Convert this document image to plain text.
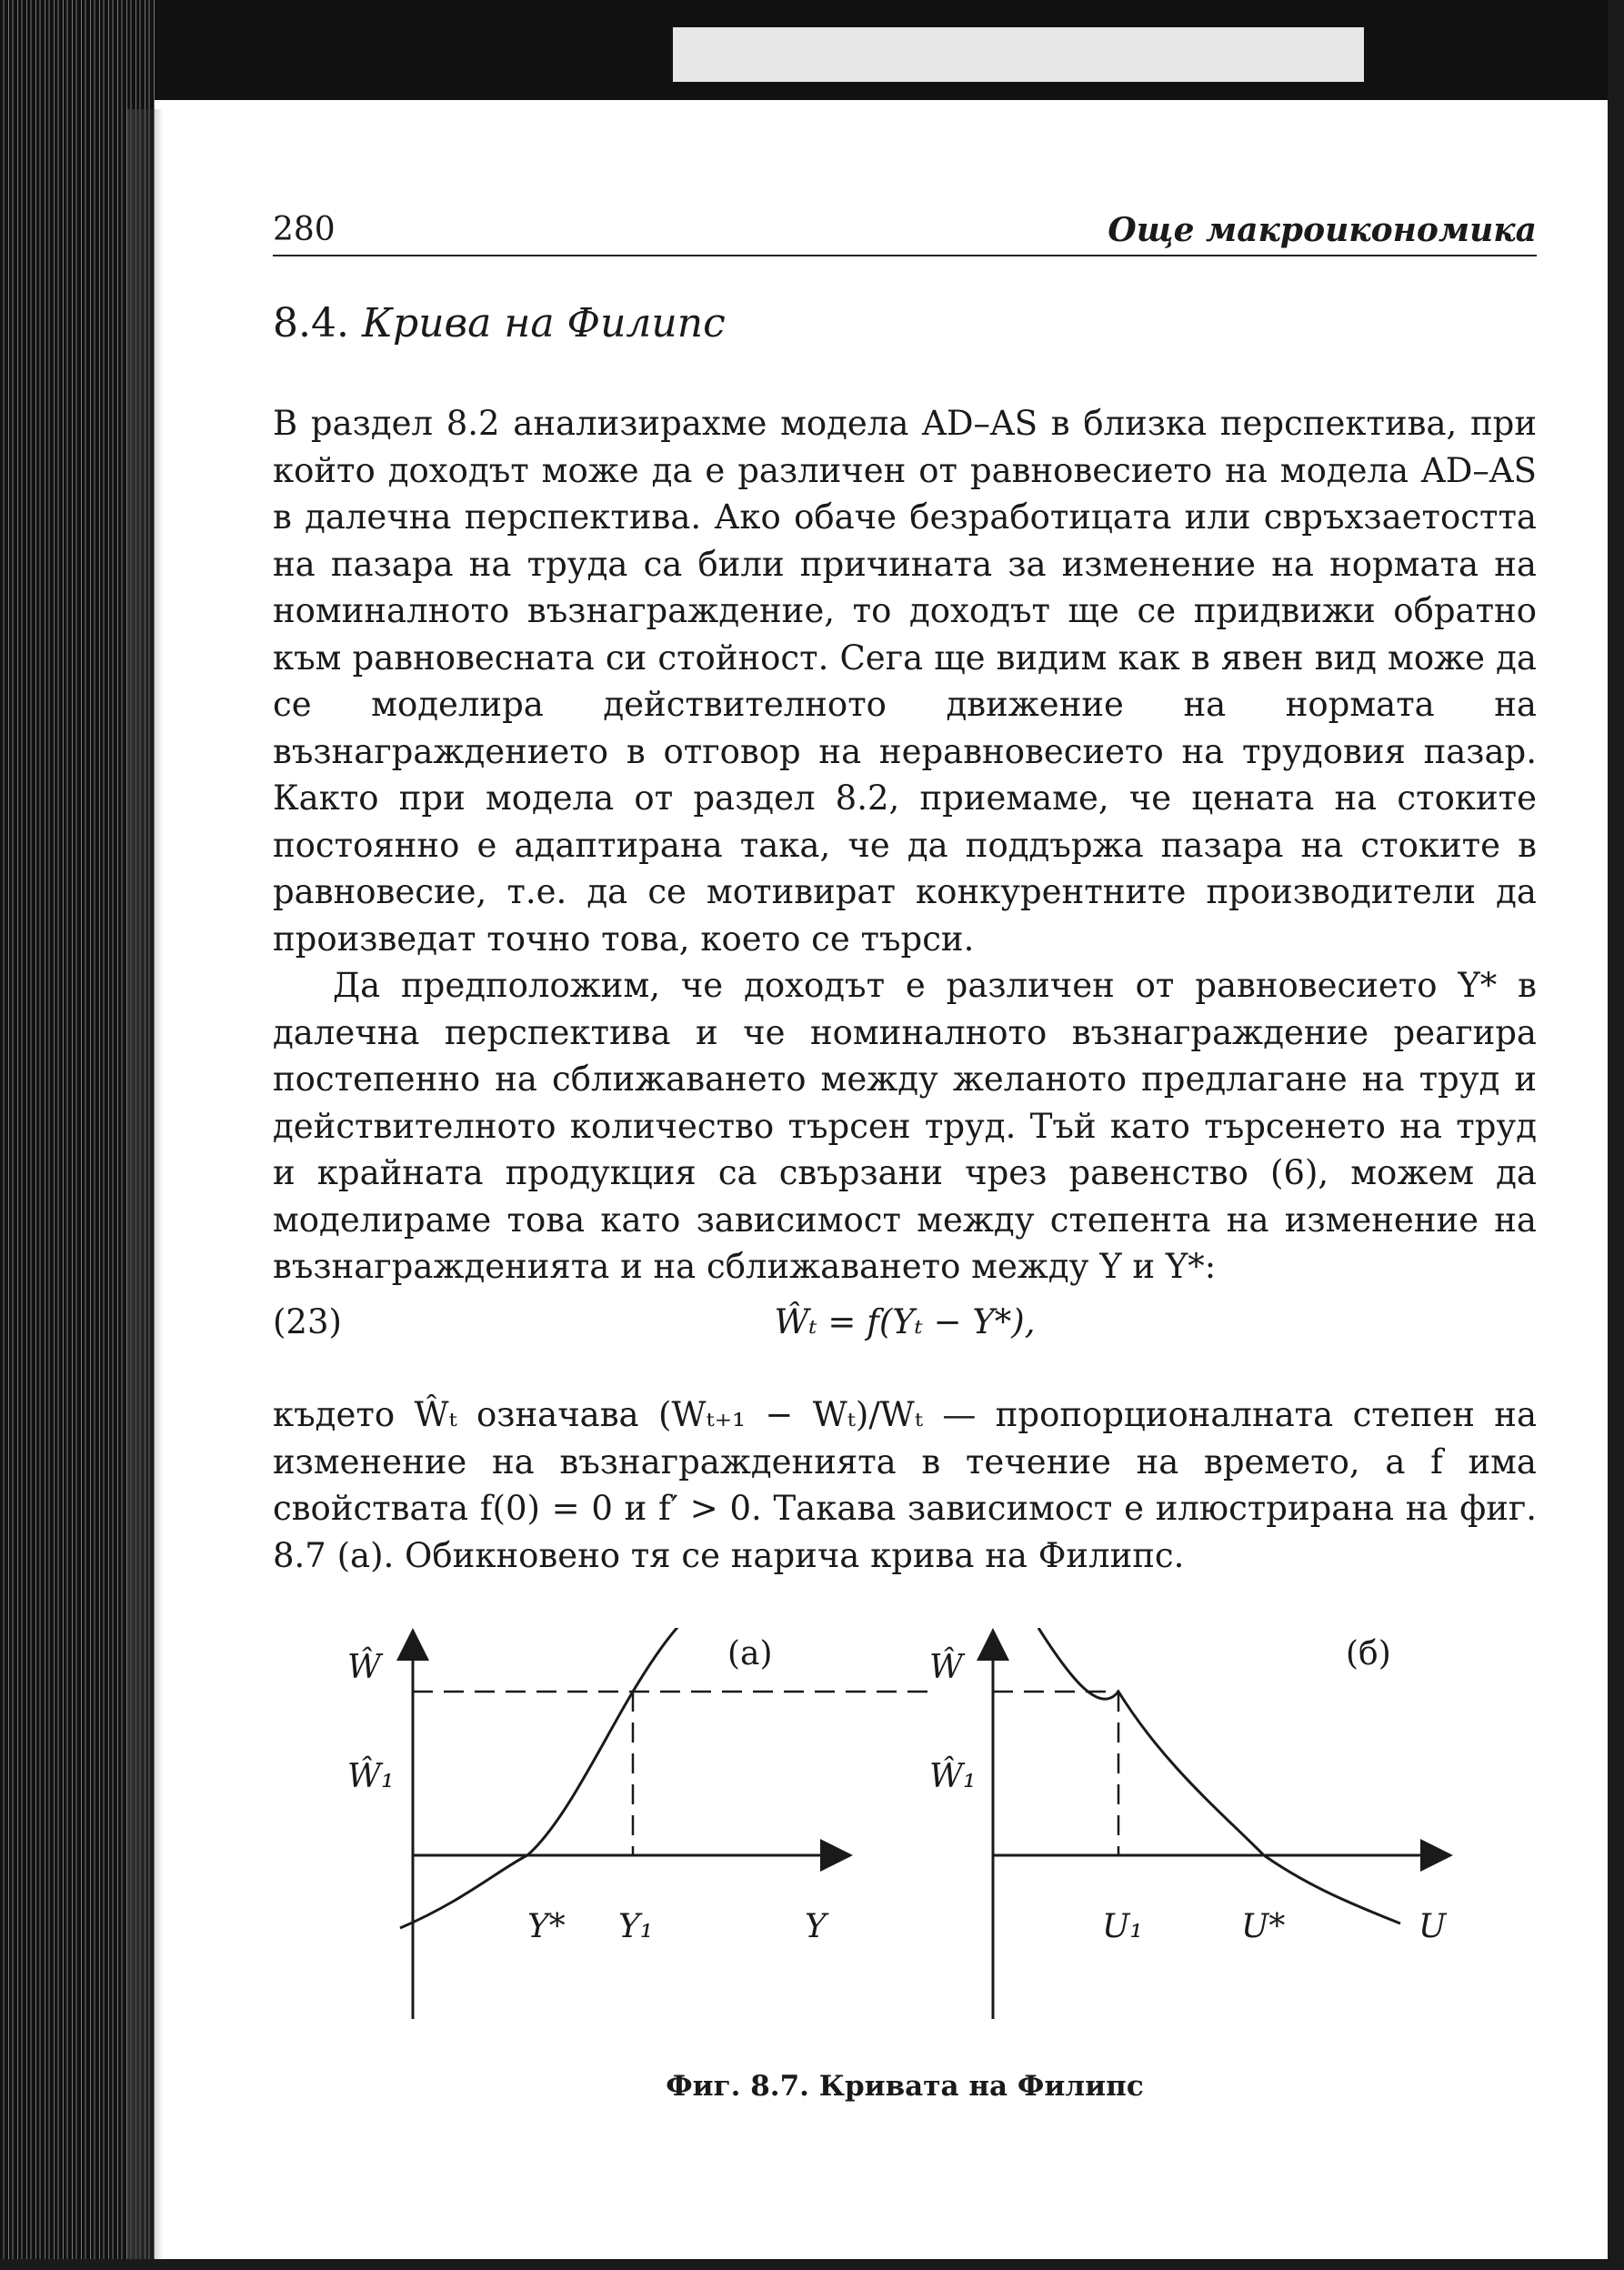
280	Още макроикономика
8.4. Крива на Филипс

В раздел 8.2 анализирахме модела AD–AS в близка перспектива, при който доходът може да е различен от равновесието на модела AD–AS в далечна перспектива. Ако обаче безработицата или свръхзаетостта на пазара на труда са били причината за изменение на нормата на номиналното възнаграждение, то доходът ще се придвижи обратно към равновесната си стойност. Сега ще видим как в явен вид може да се моделира действителното движение на нормата на възнаграждението в отговор на неравновесието на трудовия пазар. Както при модела от раздел 8.2, приемаме, че цената на стоките постоянно е адаптирана така, че да поддържа пазара на стоките в равновесие, т.е. да се мотивират конкурентните производители да произведат точно това, което се търси.

Да предположим, че доходът е различен от равновесието Y* в далечна перспектива и че номиналното възнаграждение реагира постепенно на сближаването между желаното предлагане на труд и действителното количество търсен труд. Тъй като търсенето на труд и крайната продукция са свързани чрез равенство (6), можем да моделираме това като зависимост между степента на изменение на възнагражденията и на сближаването между Y и Y*:

(23)	Ŵₜ = f(Yₜ − Y*),

където Ŵₜ означава (Wₜ₊₁ − Wₜ)/Wₜ — пропорционалната степен на изменение на възнагражденията в течение на времето, а f има свойствата f(0) = 0 и f′ > 0. Такава зависимост е илюстрирана на фиг. 8.7 (а). Обикновено тя се нарича крива на Филипс.

Ŵ
Ŵ₁
(а)
Y
Y* Y₁
Ŵ
Ŵ₁
(б)
U
U₁	U*
Фиг. 8.7. Кривата на Филипс
